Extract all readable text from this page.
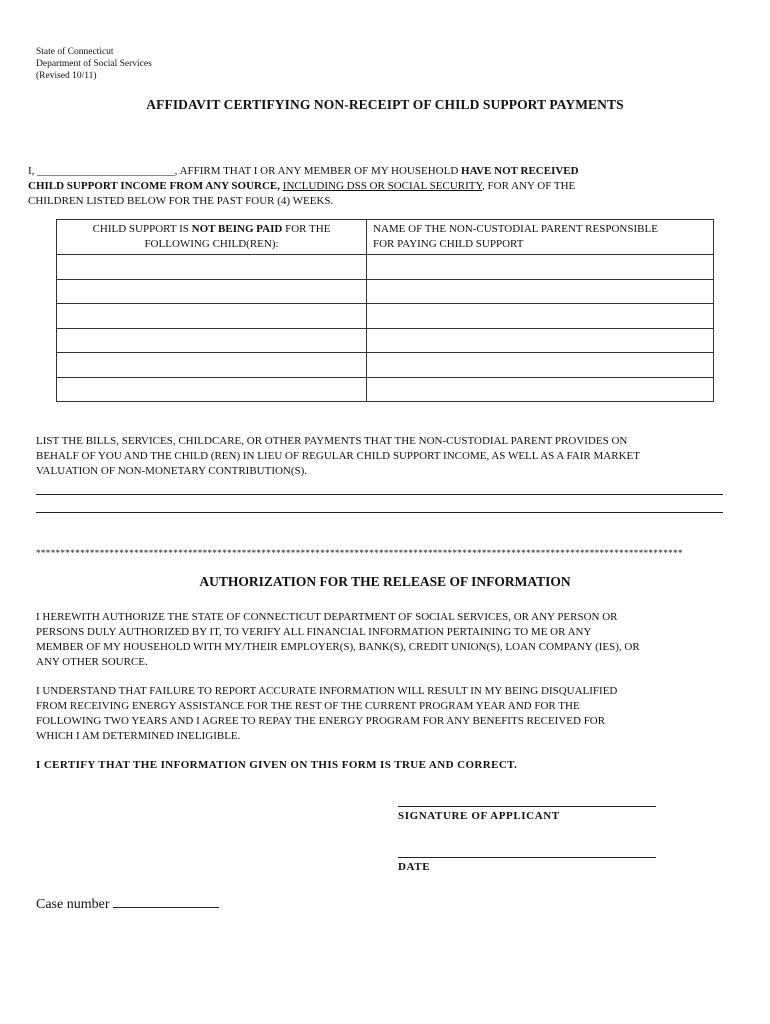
State of Connecticut
Department of Social Services
(Revised 10/11)
AFFIDAVIT CERTIFYING NON-RECEIPT OF CHILD SUPPORT PAYMENTS
I, _________________________, AFFIRM THAT I OR ANY MEMBER OF MY HOUSEHOLD HAVE NOT RECEIVED
CHILD SUPPORT INCOME FROM ANY SOURCE, INCLUDING DSS OR SOCIAL SECURITY, FOR ANY OF THE
CHILDREN LISTED BELOW FOR THE PAST FOUR (4) WEEKS.
CHILD SUPPORT IS NOT BEING PAID FOR THE
FOLLOWING CHILD(REN):	NAME OF THE NON-CUSTODIAL PARENT RESPONSIBLE
FOR PAYING CHILD SUPPORT

LIST THE BILLS, SERVICES, CHILDCARE, OR OTHER PAYMENTS THAT THE NON-CUSTODIAL PARENT PROVIDES ON
BEHALF OF YOU AND THE CHILD (REN) IN LIEU OF REGULAR CHILD SUPPORT INCOME, AS WELL AS A FAIR MARKET
VALUATION OF NON-MONETARY CONTRIBUTION(S).
************************************************************************************************************************************
AUTHORIZATION FOR THE RELEASE OF INFORMATION
I HEREWITH AUTHORIZE THE STATE OF CONNECTICUT DEPARTMENT OF SOCIAL SERVICES, OR ANY PERSON OR
PERSONS DULY AUTHORIZED BY IT, TO VERIFY ALL FINANCIAL INFORMATION PERTAINING TO ME OR ANY
MEMBER OF MY HOUSEHOLD WITH MY/THEIR EMPLOYER(S), BANK(S), CREDIT UNION(S), LOAN COMPANY (IES), OR
ANY OTHER SOURCE.
I UNDERSTAND THAT FAILURE TO REPORT ACCURATE INFORMATION WILL RESULT IN MY BEING DISQUALIFIED
FROM RECEIVING ENERGY ASSISTANCE FOR THE REST OF THE CURRENT PROGRAM YEAR AND FOR THE
FOLLOWING TWO YEARS AND I AGREE TO REPAY THE ENERGY PROGRAM FOR ANY BENEFITS RECEIVED FOR
WHICH I AM DETERMINED INELIGIBLE.
I CERTIFY THAT THE INFORMATION GIVEN ON THIS FORM IS TRUE AND CORRECT.
SIGNATURE OF APPLICANT
DATE
Case number
